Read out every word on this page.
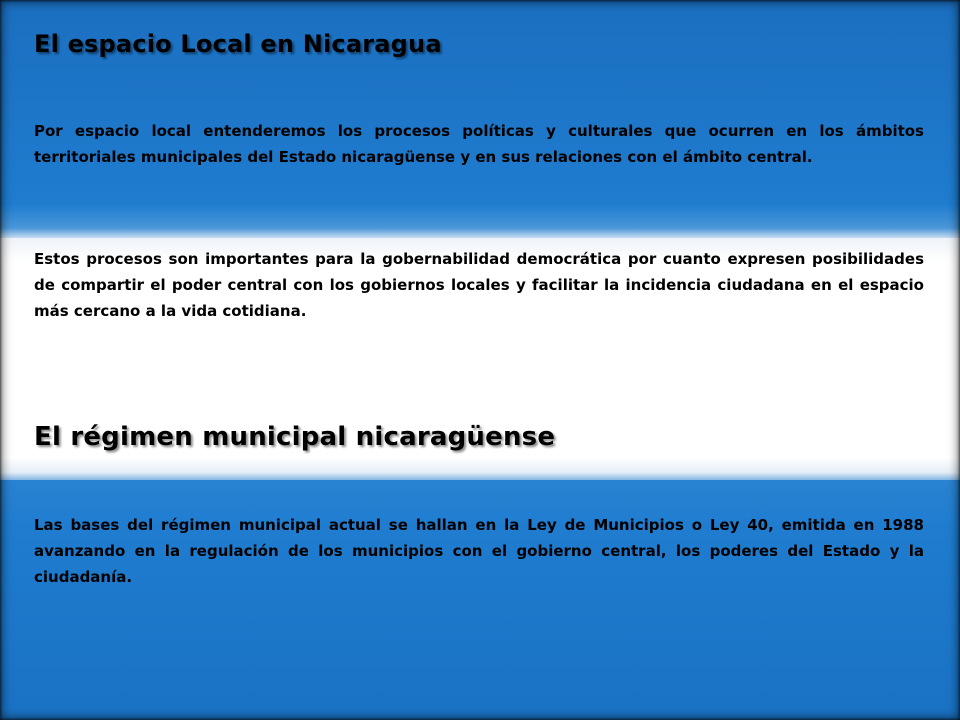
El espacio Local en Nicaragua

Por espacio local entenderemos los procesos políticas y culturales que ocurren en los ámbitos territoriales municipales del Estado nicaragüense y en sus relaciones con el ámbito central.

Estos procesos son importantes para la gobernabilidad democrática por cuanto expresen posibilidades de compartir el poder central con los gobiernos locales y facilitar la incidencia ciudadana en el espacio más cercano a la vida cotidiana.

El régimen municipal nicaragüense

Las bases del régimen municipal actual se hallan en la Ley de Municipios o Ley 40, emitida en 1988 avanzando en la regulación de los municipios con el gobierno central, los poderes del Estado y la ciudadanía.
